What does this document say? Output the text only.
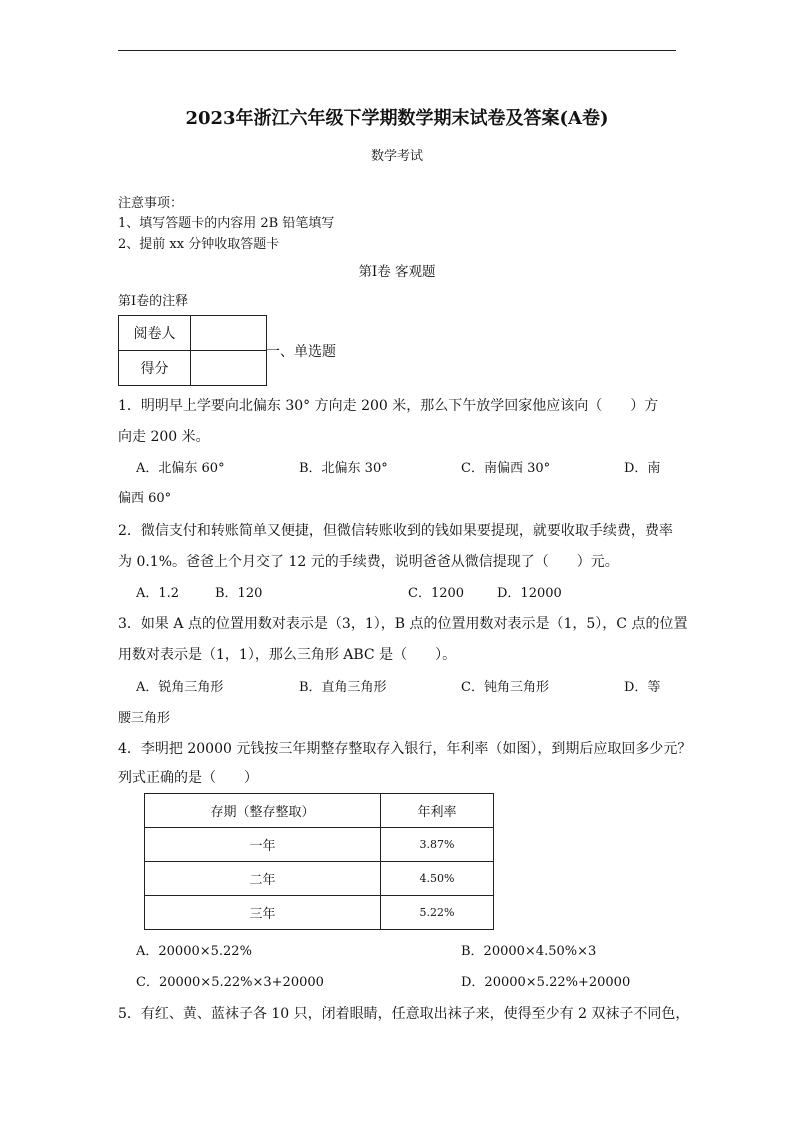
2023年浙江六年级下学期数学期末试卷及答案(A卷)
数学考试
注意事项：
1、填写答题卡的内容用 2B 铅笔填写
2、提前 xx 分钟收取答题卡
第Ⅰ卷 客观题
第Ⅰ卷的注释
阅卷人	
得分	
一、单选题
1．明明早上学要向北偏东 30° 方向走 200 米，那么下午放学回家他应该向（　　）方
向走 200 米。
A．北偏东 60°	B．北偏东 30°	C．南偏西 30°	D．南
偏西 60°
2．微信支付和转账简单又便捷，但微信转账收到的钱如果要提现，就要收取手续费，费率
为 0.1%。爸爸上个月交了 12 元的手续费，说明爸爸从微信提现了（　　）元。
A．1.2	B．120	C．1200	D．12000
3．如果 A 点的位置用数对表示是（3，1），B 点的位置用数对表示是（1，5），C 点的位置
用数对表示是（1，1），那么三角形 ABC 是（　　）。
A．锐角三角形	B．直角三角形	C．钝角三角形	D．等
腰三角形
4．李明把 20000 元钱按三年期整存整取存入银行，年利率（如图），到期后应取回多少元？
列式正确的是（　　）
存期（整存整取）	年利率
一年	3.87%
二年	4.50%
三年	5.22%
A．20000×5.22%	B．20000×4.50%×3
C．20000×5.22%×3+20000	D．20000×5.22%+20000
5．有红、黄、蓝袜子各 10 只，闭着眼睛，任意取出袜子来，使得至少有 2 双袜子不同色，
